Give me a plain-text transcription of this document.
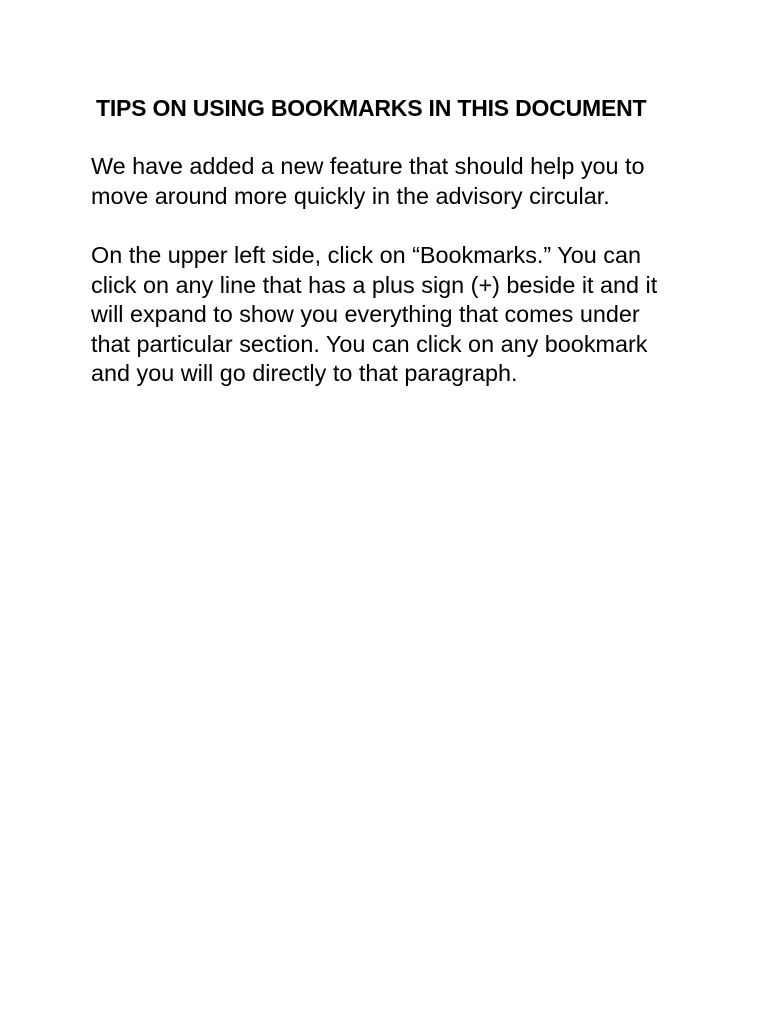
TIPS ON USING BOOKMARKS IN THIS DOCUMENT

We have added a new feature that should help you to
move around more quickly in the advisory circular.

On the upper left side, click on “Bookmarks.” You can
click on any line that has a plus sign (+) beside it and it
will expand to show you everything that comes under
that particular section. You can click on any bookmark
and you will go directly to that paragraph.
